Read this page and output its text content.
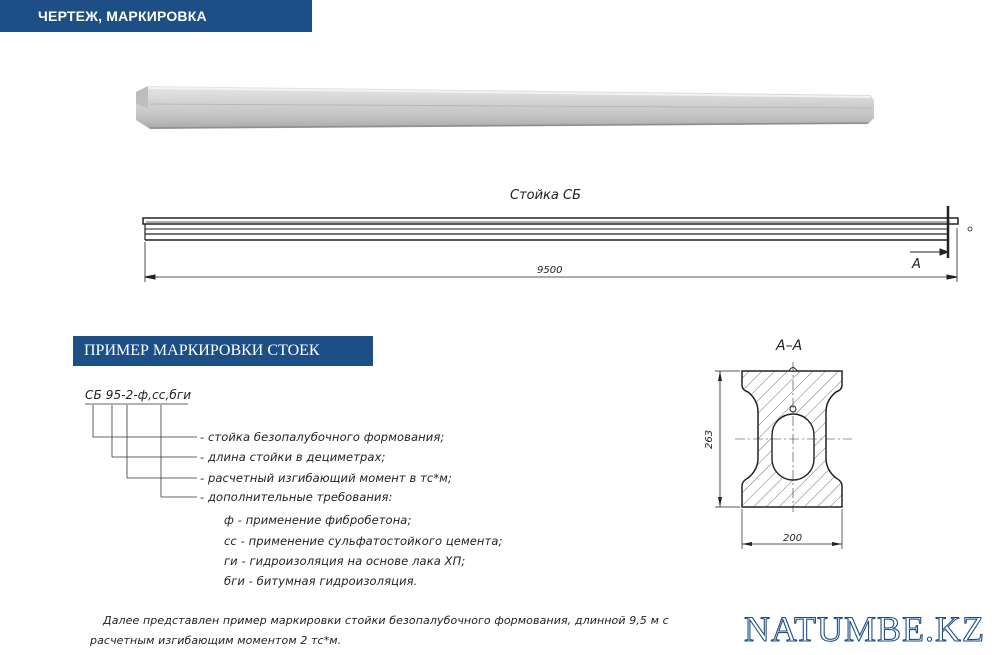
ЧЕРТЕЖ, МАРКИРОВКА
Стойка СБ
9500	А
А–А
263
200
ПРИМЕР МАРКИРОВКИ СТОЕК
СБ 95-2-ф,сс,бги
- стойка безопалубочного формования;
- длина стойки в дециметрах;
- расчетный изгибающий момент в тс*м;
- дополнительные требования:
ф - применение фибробетона;
сс - применение сульфатостойкого цемента;
ги - гидроизоляция на основе лака ХП;
бги - битумная гидроизоляция.
Далее представлен пример маркировки стойки безопалубочного формования, длинной 9,5 м с
расчетным изгибающим моментом 2 тс*м.	NATUMBE.KZ
